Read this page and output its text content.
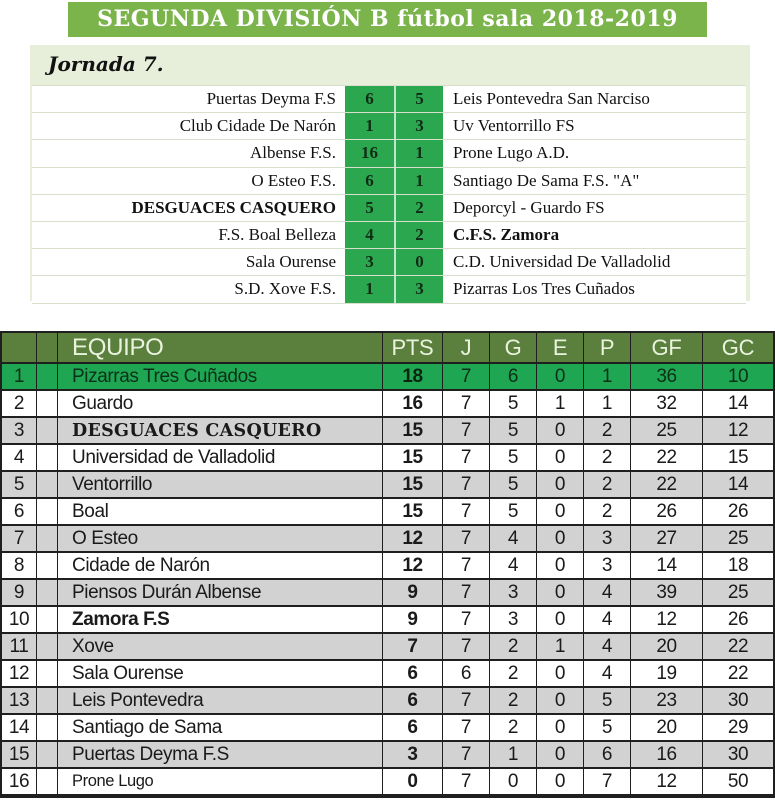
SEGUNDA DIVISIÓN B fútbol sala 2018-2019
Jornada 7.
Puertas Deyma F.S	6	5	Leis Pontevedra San Narciso
Club Cidade De Narón	1	3	Uv Ventorrillo FS
Albense F.S.	16	1	Prone Lugo A.D.
O Esteo F.S.	6	1	Santiago De Sama F.S. "A"
DESGUACES CASQUERO	5	2	Deporcyl - Guardo FS
F.S. Boal Belleza	4	2	C.F.S. Zamora
Sala Ourense	3	0	C.D. Universidad De Valladolid
S.D. Xove F.S.	1	3	Pizarras Los Tres Cuñados
EQUIPO	PTS	J	G	E	P	GF	GC
1	Pizarras Tres Cuñados	18	7	6	0	1	36	10
2	Guardo	16	7	5	1	1	32	14
3	DESGUACES CASQUERO	15	7	5	0	2	25	12
4	Universidad de Valladolid	15	7	5	0	2	22	15
5	Ventorrillo	15	7	5	0	2	22	14
6	Boal	15	7	5	0	2	26	26
7	O Esteo	12	7	4	0	3	27	25
8	Cidade de Narón	12	7	4	0	3	14	18
9	Piensos Durán Albense	9	7	3	0	4	39	25
10	Zamora F.S	9	7	3	0	4	12	26
11	Xove	7	7	2	1	4	20	22
12	Sala Ourense	6	6	2	0	4	19	22
13	Leis Pontevedra	6	7	2	0	5	23	30
14	Santiago de Sama	6	7	2	0	5	20	29
15	Puertas Deyma F.S	3	7	1	0	6	16	30
16	Prone Lugo	0	7	0	0	7	12	50
